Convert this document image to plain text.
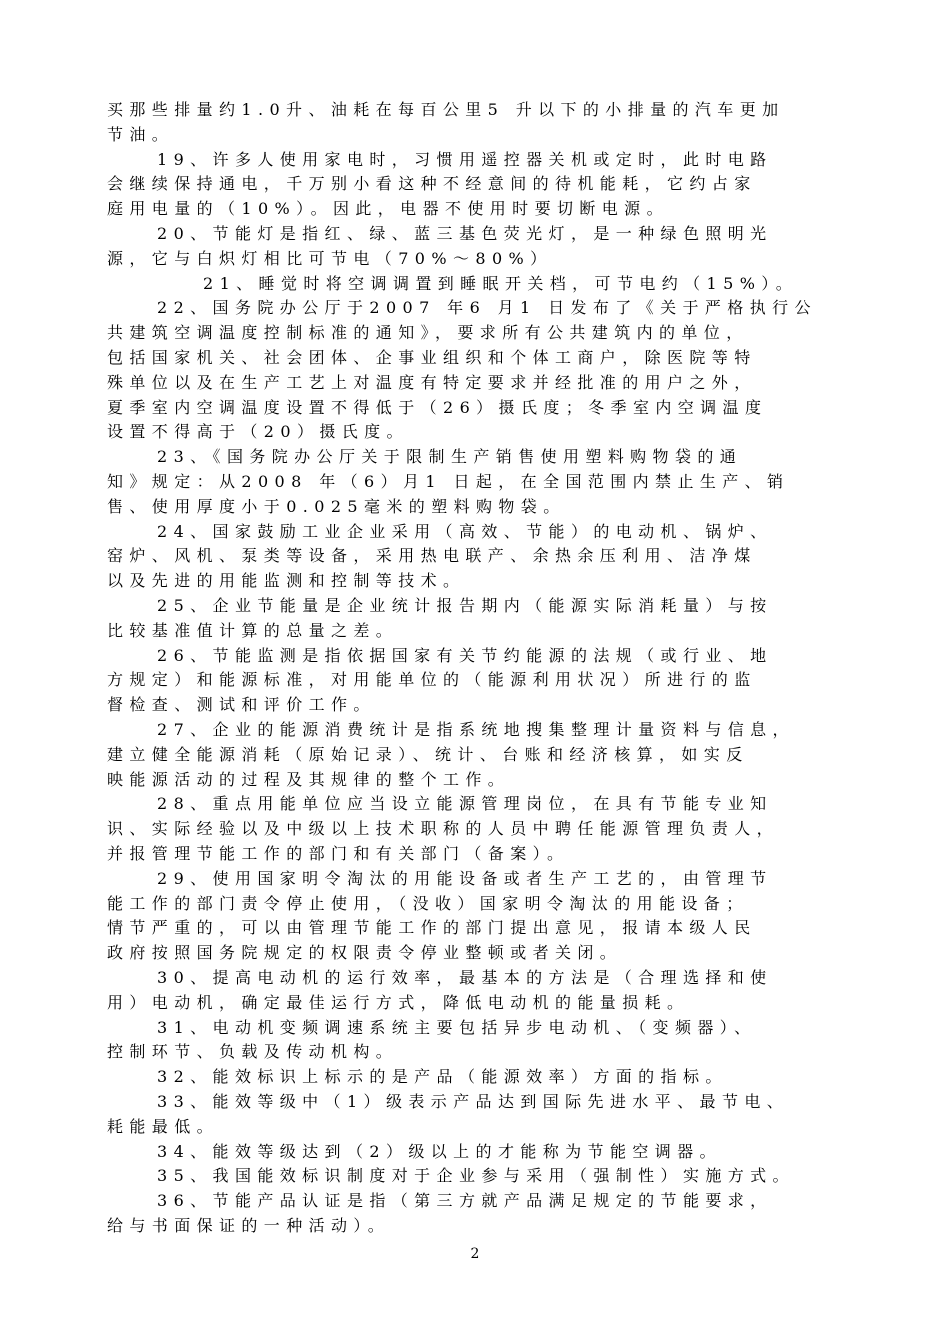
买那些排量约1.0升、油耗在每百公里5 升以下的小排量的汽车更加
节油。
19、许多人使用家电时，习惯用遥控器关机或定时，此时电路
会继续保持通电，千万别小看这种不经意间的待机能耗，它约占家
庭用电量的（10%）。因此，电器不使用时要切断电源。
20、节能灯是指红、绿、蓝三基色荧光灯，是一种绿色照明光
源，它与白炽灯相比可节电（70%～80%）
21、睡觉时将空调调置到睡眠开关档，可节电约（15%）。
22、国务院办公厅于2007 年6 月1 日发布了《关于严格执行公
共建筑空调温度控制标准的通知》，要求所有公共建筑内的单位，
包括国家机关、社会团体、企事业组织和个体工商户，除医院等特
殊单位以及在生产工艺上对温度有特定要求并经批准的用户之外，
夏季室内空调温度设置不得低于（26）摄氏度；冬季室内空调温度
设置不得高于（20）摄氏度。
23、《国务院办公厅关于限制生产销售使用塑料购物袋的通
知》规定：从2008 年（6）月1 日起，在全国范围内禁止生产、销
售、使用厚度小于0.025毫米的塑料购物袋。
24、国家鼓励工业企业采用（高效、节能）的电动机、锅炉、
窑炉、风机、泵类等设备，采用热电联产、余热余压利用、洁净煤
以及先进的用能监测和控制等技术。
25、企业节能量是企业统计报告期内（能源实际消耗量）与按
比较基准值计算的总量之差。
26、节能监测是指依据国家有关节约能源的法规（或行业、地
方规定）和能源标准，对用能单位的（能源利用状况）所进行的监
督检查、测试和评价工作。
27、企业的能源消费统计是指系统地搜集整理计量资料与信息，
建立健全能源消耗（原始记录）、统计、台账和经济核算，如实反
映能源活动的过程及其规律的整个工作。
28、重点用能单位应当设立能源管理岗位，在具有节能专业知
识、实际经验以及中级以上技术职称的人员中聘任能源管理负责人，
并报管理节能工作的部门和有关部门（备案）。
29、使用国家明令淘汰的用能设备或者生产工艺的，由管理节
能工作的部门责令停止使用，（没收）国家明令淘汰的用能设备；
情节严重的，可以由管理节能工作的部门提出意见，报请本级人民
政府按照国务院规定的权限责令停业整顿或者关闭。
30、提高电动机的运行效率，最基本的方法是（合理选择和使
用）电动机，确定最佳运行方式，降低电动机的能量损耗。
31、电动机变频调速系统主要包括异步电动机、（变频器）、
控制环节、负载及传动机构。
32、能效标识上标示的是产品（能源效率）方面的指标。
33、能效等级中（1）级表示产品达到国际先进水平、最节电、
耗能最低。
34、能效等级达到（2）级以上的才能称为节能空调器。
35、我国能效标识制度对于企业参与采用（强制性）实施方式。
36、节能产品认证是指（第三方就产品满足规定的节能要求，
给与书面保证的一种活动）。
2
